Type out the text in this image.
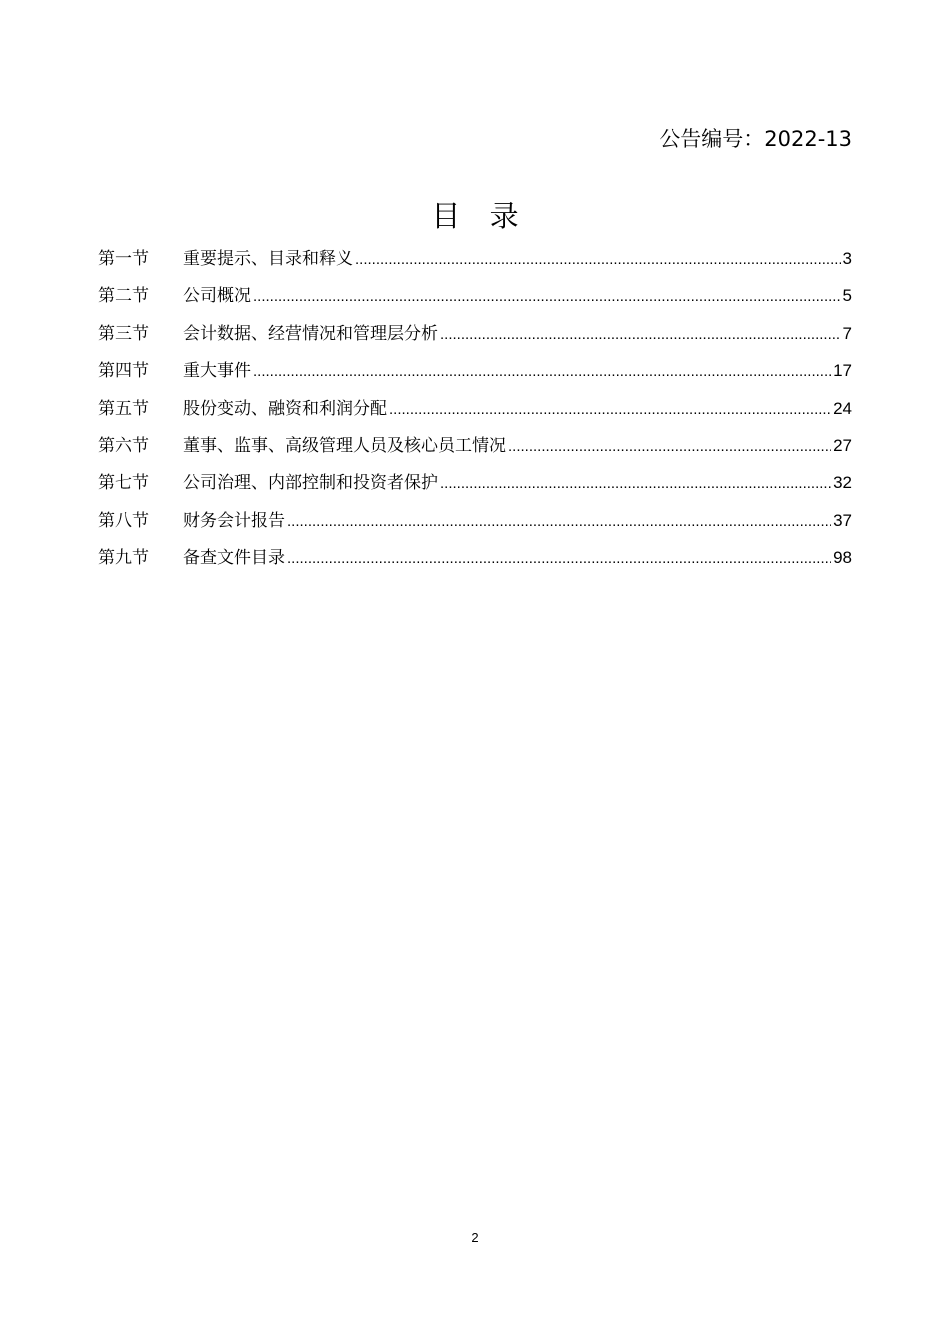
公告编号：2022-13
目 录
第一节	重要提示、目录和释义 .....	3
第二节	公司概况 .....	5
第三节	会计数据、经营情况和管理层分析 .....	7
第四节	重大事件 .....	17
第五节	股份变动、融资和利润分配 .....	24
第六节	董事、监事、高级管理人员及核心员工情况 .....	27
第七节	公司治理、内部控制和投资者保护 .....	32
第八节	财务会计报告 .....	37
第九节	备查文件目录 .....	98
2
